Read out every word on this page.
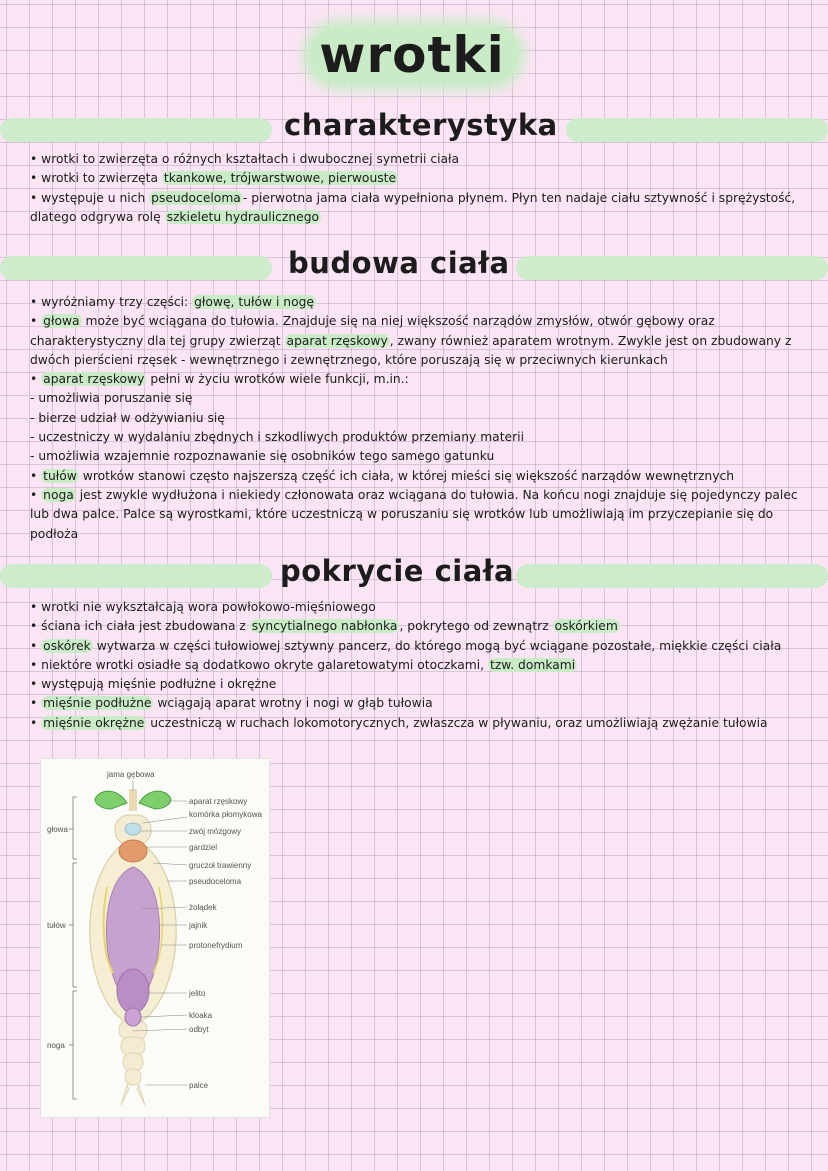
wrotki
charakterystyka

• wrotki to zwierzęta o różnych kształtach i dwubocznej symetrii ciała

• wrotki to zwierzęta tkankowe, trójwarstwowe, pierwouste

• występuje u nich pseudoceloma - pierwotna jama ciała wypełniona płynem. Płyn ten nadaje ciału sztywność i sprężystość, dlatego odgrywa rolę szkieletu hydraulicznego

budowa ciała

• wyróżniamy trzy części: głowę, tułów i nogę

• głowa może być wciągana do tułowia. Znajduje się na niej większość narządów zmysłów, otwór gębowy oraz charakterystyczny dla tej grupy zwierząt aparat rzęskowy , zwany również aparatem wrotnym. Zwykle jest on zbudowany z dwóch pierścieni rzęsek - wewnętrznego i zewnętrznego, które poruszają się w przeciwnych kierunkach

• aparat rzęskowy pełni w życiu wrotków wiele funkcji, m.in.:

- umożliwia poruszanie się

- bierze udział w odżywianiu się

- uczestniczy w wydalaniu zbędnych i szkodliwych produktów przemiany materii

- umożliwia wzajemnie rozpoznawanie się osobników tego samego gatunku

• tułów wrotków stanowi często najszerszą część ich ciała, w której mieści się większość narządów wewnętrznych

• noga jest zwykle wydłużona i niekiedy członowata oraz wciągana do tułowia. Na końcu nogi znajduje się pojedynczy palec lub dwa palce. Palce są wyrostkami, które uczestniczą w poruszaniu się wrotków lub umożliwiają im przyczepianie się do podłoża

pokrycie ciała

• wrotki nie wykształcają wora powłokowo-mięśniowego

• ściana ich ciała jest zbudowana z syncytialnego nabłonka , pokrytego od zewnątrz oskórkiem

• oskórek wytwarza w części tułowiowej sztywny pancerz, do którego mogą być wciągane pozostałe, miękkie części ciała

• niektóre wrotki osiadłe są dodatkowo okryte galaretowatymi otoczkami, tzw. domkami

• występują mięśnie podłużne i okrężne

• mięśnie podłużne wciągają aparat wrotny i nogi w głąb tułowia

• mięśnie okrężne uczestniczą w ruchach lokomotorycznych, zwłaszcza w pływaniu, oraz umożliwiają zwężanie tułowia

jama gębowa
głowa
tułów
noga
aparat rzęskowy
komórka płomykowa
zwój mózgowy
gardziel
gruczoł trawienny
pseudoceloma
żołądek
jajnik
protonefrydium
jelito
kloaka
odbyt
palce
